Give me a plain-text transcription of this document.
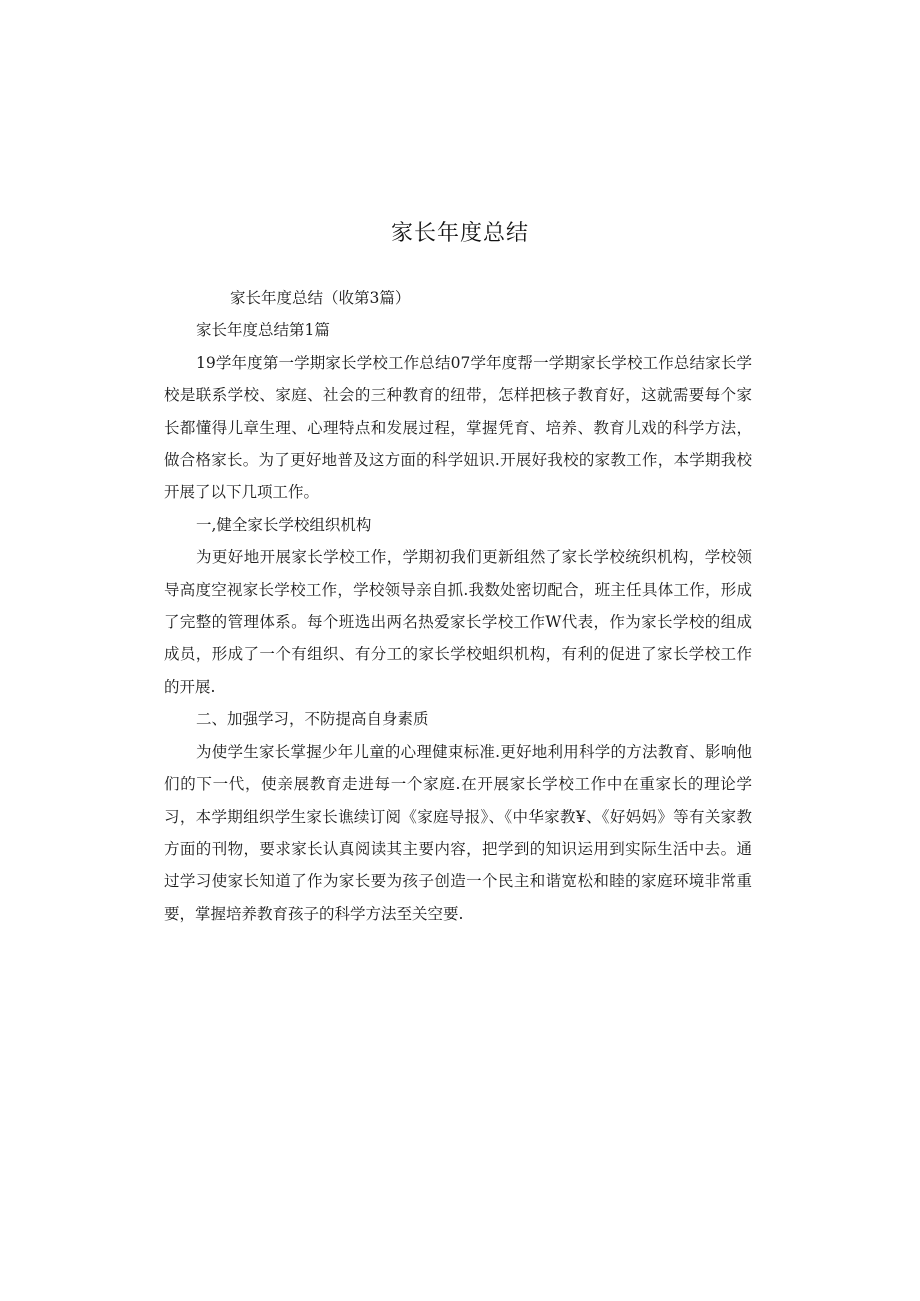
家长年度总结

家长年度总结（收第3篇）

家长年度总结第1篇

19学年度第一学期家长学校工作总结07学年度帮一学期家长学校工作总结家长学校是联系学校、家庭、社会的三种教育的纽带，怎样把核子教育好，这就需要每个家长都懂得儿章生理、心理特点和发展过程，掌握凭育、培养、教育儿戏的科学方法，做合格家长。为了更好地普及这方面的科学妞识.开展好我校的家教工作，本学期我校开展了以下几项工作。

一,健全家长学校组织机构

为更好地开展家长学校工作，学期初我们更新组然了家长学校统织机构，学校领导高度空视家长学校工作，学校领导亲自抓.我数处密切配合，班主任具体工作，形成了完整的管理体系。每个班选出两名热爱家长学校工作W代表，作为家长学校的组成成员，形成了一个有组织、有分工的家长学校蛆织机构，有利的促进了家长学校工作的开展.

二、加强学习，不防提高自身素质

为使学生家长掌握少年儿童的心理健束标准.更好地利用科学的方法教育、影响他们的下一代，使亲展教育走进每一个家庭.在开展家长学校工作中在重家长的理论学习，本学期组织学生家长谯续订阅《家庭导报》、《中华家教¥、《好妈妈》等有关家教方面的刊物，要求家长认真阅读其主要内容，把学到的知识运用到实际生活中去。通过学习使家长知道了作为家长要为孩子创造一个民主和谐宽松和睦的家庭环境非常重要，掌握培养教育孩子的科学方法至关空要.
